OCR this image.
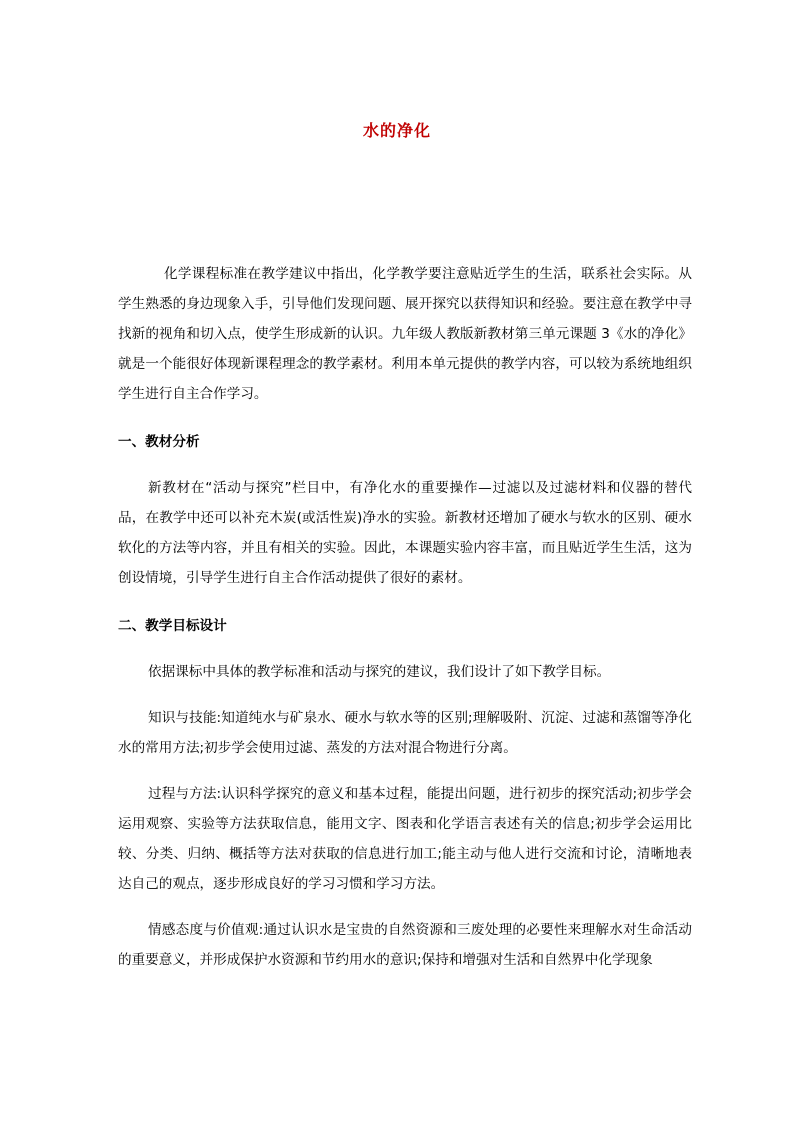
水的净化

化学课程标准在教学建议中指出，化学教学要注意贴近学生的生活，联系社会实际。从学生熟悉的身边现象入手，引导他们发现问题、展开探究以获得知识和经验。要注意在教学中寻找新的视角和切入点，使学生形成新的认识。九年级人教版新教材第三单元课题 3《水的净化》就是一个能很好体现新课程理念的教学素材。利用本单元提供的教学内容，可以较为系统地组织学生进行自主合作学习。

一、教材分析

新教材在“活动与探究”栏目中，有净化水的重要操作—过滤以及过滤材料和仪器的替代品，在教学中还可以补充木炭(或活性炭)净水的实验。新教材还增加了硬水与软水的区别、硬水软化的方法等内容，并且有相关的实验。因此，本课题实验内容丰富，而且贴近学生生活，这为创设情境，引导学生进行自主合作活动提供了很好的素材。

二、教学目标设计

依据课标中具体的教学标准和活动与探究的建议，我们设计了如下教学目标。

知识与技能:知道纯水与矿泉水、硬水与软水等的区别;理解吸附、沉淀、过滤和蒸馏等净化水的常用方法;初步学会使用过滤、蒸发的方法对混合物进行分离。

过程与方法:认识科学探究的意义和基本过程，能提出问题，进行初步的探究活动;初步学会运用观察、实验等方法获取信息，能用文字、图表和化学语言表述有关的信息;初步学会运用比较、分类、归纳、概括等方法对获取的信息进行加工;能主动与他人进行交流和讨论，清晰地表达自己的观点，逐步形成良好的学习习惯和学习方法。

情感态度与价值观:通过认识水是宝贵的自然资源和三废处理的必要性来理解水对生命活动的重要意义，并形成保护水资源和节约用水的意识;保持和增强对生活和自然界中化学现象
